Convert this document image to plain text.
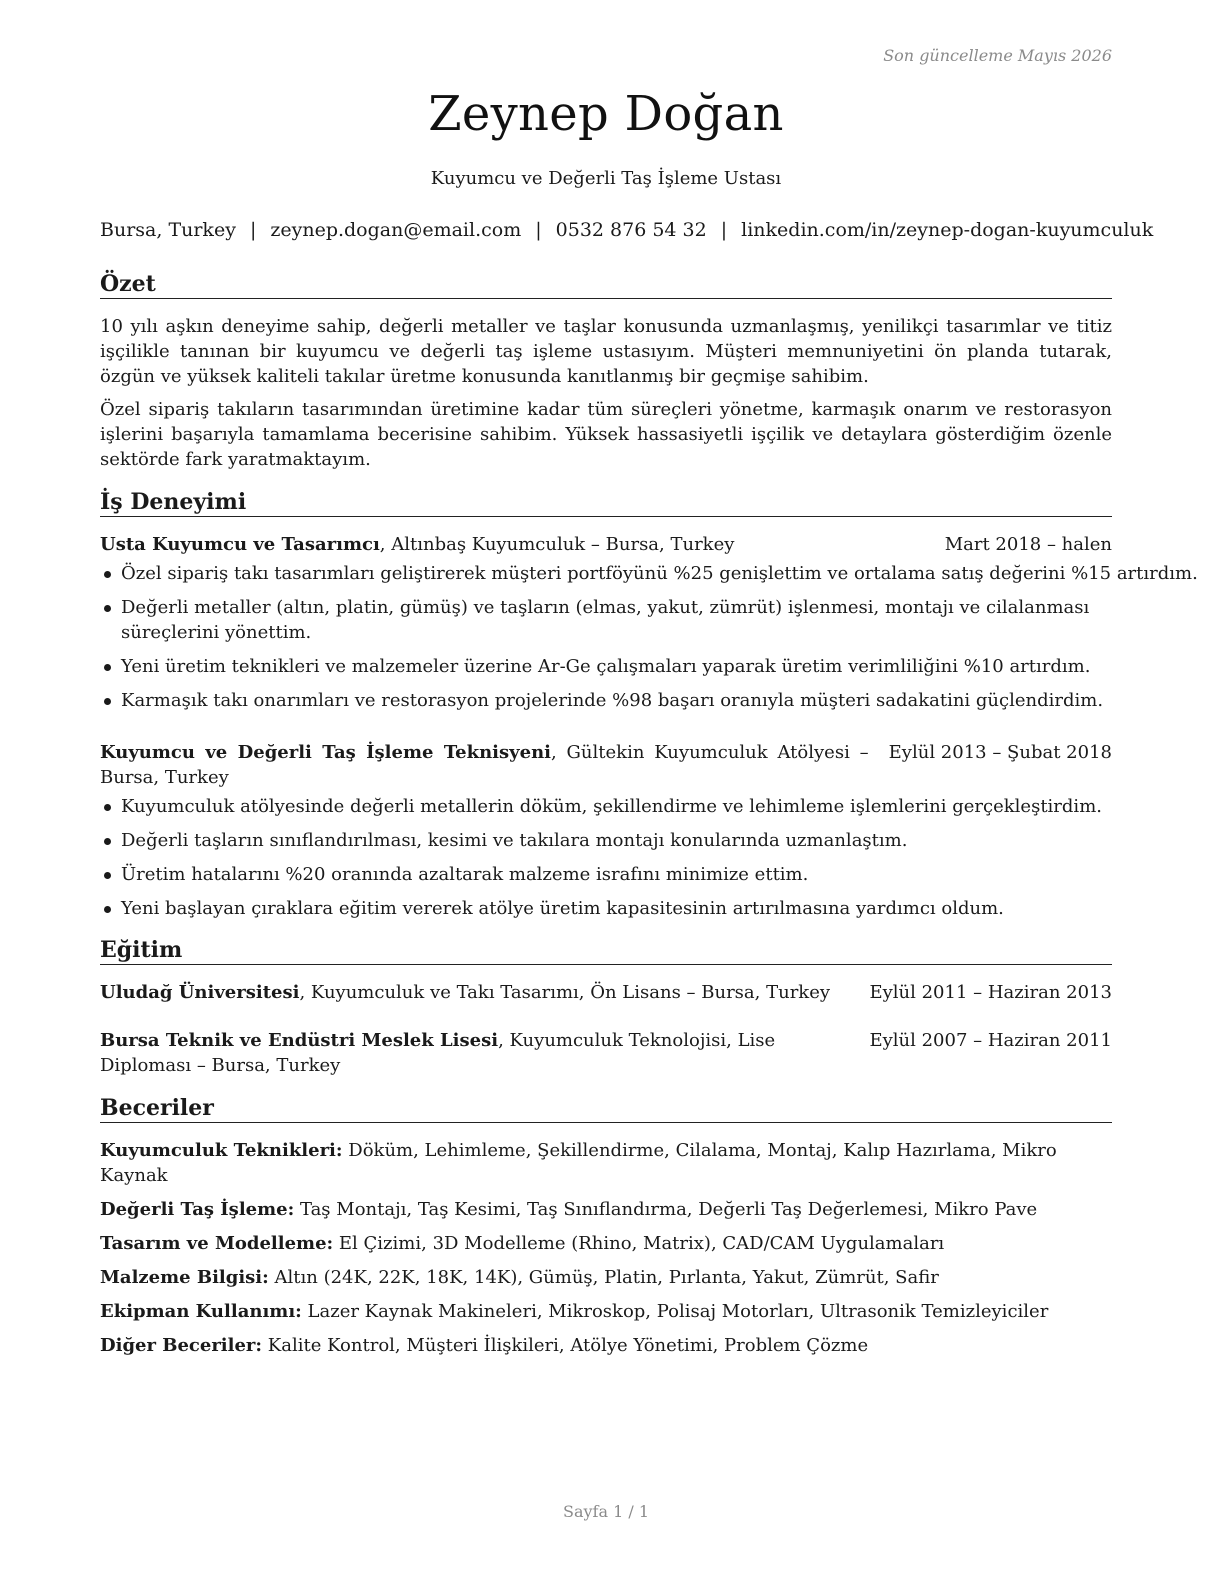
Son güncelleme Mayıs 2026
Zeynep Doğan
Kuyumcu ve Değerli Taş İşleme Ustası
Bursa, Turkey | zeynep.dogan@email.com | 0532 876 54 32 | linkedin.com/in/zeynep-dogan-kuyumculuk
Özet

10 yılı aşkın deneyime sahip, değerli metaller ve taşlar konusunda uzmanlaşmış, yenilikçi tasarımlar ve titiz işçilikle tanınan bir kuyumcu ve değerli taş işleme ustasıyım. Müşteri memnuniyetini ön planda tutarak, özgün ve yüksek kaliteli takılar üretme konusunda kanıtlanmış bir geçmişe sahibim.

Özel sipariş takıların tasarımından üretimine kadar tüm süreçleri yönetme, karmaşık onarım ve restorasyon işlerini başarıyla tamamlama becerisine sahibim. Yüksek hassasiyetli işçilik ve detaylara gösterdiğim özenle sektörde fark yaratmaktayım.

İş Deneyimi
Usta Kuyumcu ve Tasarımcı, Altınbaş Kuyumculuk – Bursa, Turkey	Mart 2018 – halen
Özel sipariş takı tasarımları geliştirerek müşteri portföyünü %25 genişlettim ve ortalama satış değerini %15 artırdım.
Değerli metaller (altın, platin, gümüş) ve taşların (elmas, yakut, zümrüt) işlenmesi, montajı ve cilalanması süreçlerini yönettim.
Yeni üretim teknikleri ve malzemeler üzerine Ar-Ge çalışmaları yaparak üretim verimliliğini %10 artırdım.
Karmaşık takı onarımları ve restorasyon projelerinde %98 başarı oranıyla müşteri sadakatini güçlendirdim.
Kuyumcu ve Değerli Taş İşleme Teknisyeni, Gültekin Kuyumculuk Atölyesi – Bursa, Turkey
Eylül 2013 – Şubat 2018
Kuyumculuk atölyesinde değerli metallerin döküm, şekillendirme ve lehimleme işlemlerini gerçekleştirdim.
Değerli taşların sınıflandırılması, kesimi ve takılara montajı konularında uzmanlaştım.
Üretim hatalarını %20 oranında azaltarak malzeme israfını minimize ettim.
Yeni başlayan çıraklara eğitim vererek atölye üretim kapasitesinin artırılmasına yardımcı oldum.
Eğitim
Uludağ Üniversitesi, Kuyumculuk ve Takı Tasarımı, Ön Lisans – Bursa, Turkey	Eylül 2011 – Haziran 2013
Bursa Teknik ve Endüstri Meslek Lisesi, Kuyumculuk Teknolojisi, Lise Diploması – Bursa, Turkey
Eylül 2007 – Haziran 2011
Beceriler
Kuyumculuk Teknikleri: Döküm, Lehimleme, Şekillendirme, Cilalama, Montaj, Kalıp Hazırlama, Mikro Kaynak
Değerli Taş İşleme: Taş Montajı, Taş Kesimi, Taş Sınıflandırma, Değerli Taş Değerlemesi, Mikro Pave
Tasarım ve Modelleme: El Çizimi, 3D Modelleme (Rhino, Matrix), CAD/CAM Uygulamaları
Malzeme Bilgisi: Altın (24K, 22K, 18K, 14K), Gümüş, Platin, Pırlanta, Yakut, Zümrüt, Safir
Ekipman Kullanımı: Lazer Kaynak Makineleri, Mikroskop, Polisaj Motorları, Ultrasonik Temizleyiciler
Diğer Beceriler: Kalite Kontrol, Müşteri İlişkileri, Atölye Yönetimi, Problem Çözme
Sayfa 1 / 1
